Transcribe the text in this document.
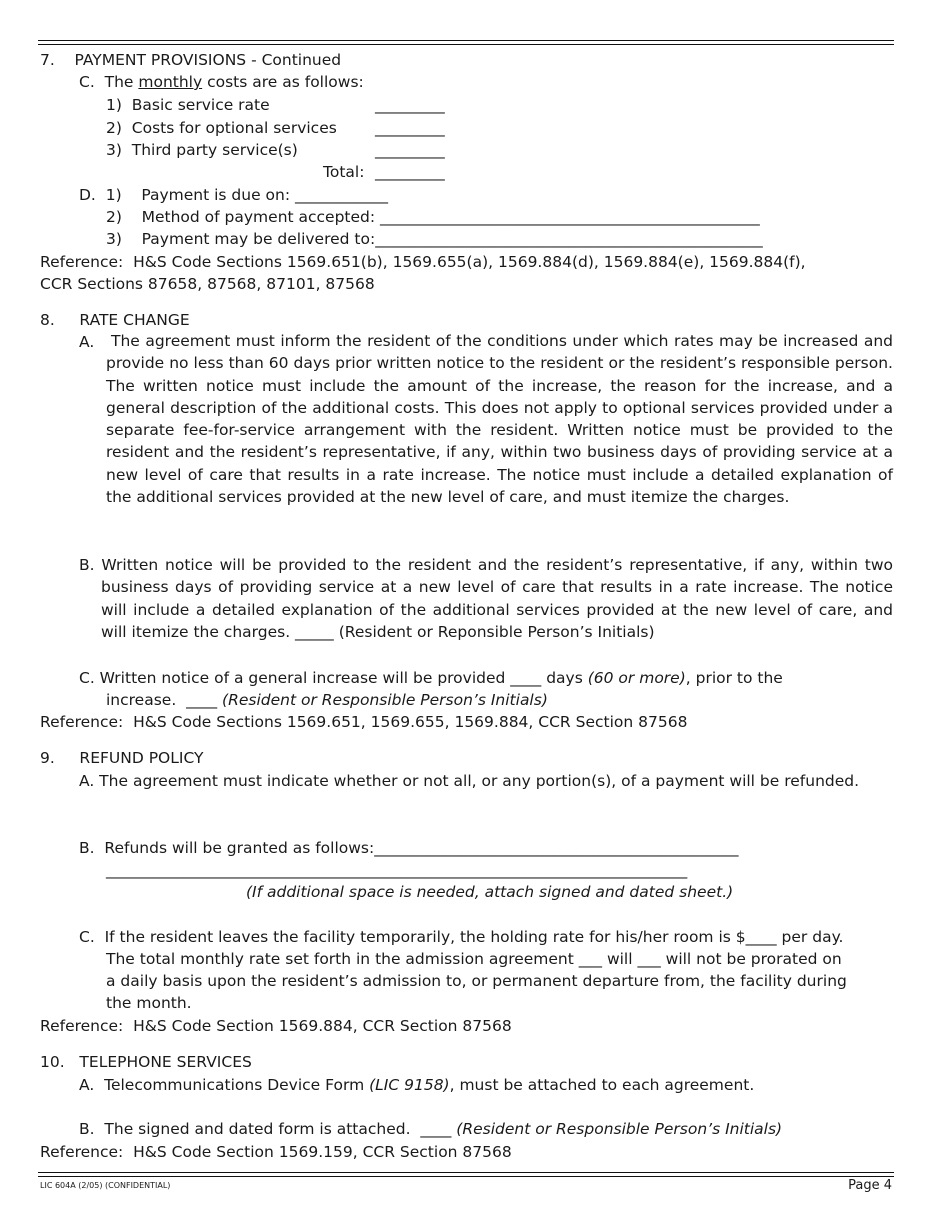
7.    PAYMENT PROVISIONS - Continued
C.  The monthly costs are as follows:
1)  Basic service rate	_________
2)  Costs for optional services _________
3)  Third party service(s)	_________
Total: _________
D.  1)    Payment is due on: ____________
2)    Method of payment accepted: _________________________________________________
3)    Payment may be delivered to:__________________________________________________
Reference:  H&S Code Sections 1569.651(b), 1569.655(a), 1569.884(d), 1569.884(e), 1569.884(f),
CCR Sections 87658, 87568, 87101, 87568
8.     RATE CHANGE
A.	The agreement must inform the resident of the conditions under which rates may be increased and provide no less than 60 days prior written notice to the resident or the resident’s responsible person. The written notice must include the amount of the increase, the reason for the increase, and a general description of the additional costs. This does not apply to optional services provided under a separate fee-for-service arrangement with the resident. Written notice must be provided to the resident and the resident’s representative, if any, within two business days of providing service at a new level of care that results in a rate increase. The notice must include a detailed explanation of the additional services provided at the new level of care, and must itemize the charges.
B. Written notice will be provided to the resident and the resident’s representative, if any, within two business days of providing service at a new level of care that results in a rate increase. The notice will include a detailed explanation of the additional services provided at the new level of care, and will itemize the charges. _____ (Resident or Reponsible Person’s Initials)
C. Written notice of a general increase will be provided ____ days (60 or more), prior to the
increase.  ____ (Resident or Responsible Person’s Initials)
Reference:  H&S Code Sections 1569.651, 1569.655, 1569.884, CCR Section 87568
9.     REFUND POLICY
A. The agreement must indicate whether or not all, or any portion(s), of a payment will be refunded.
B.  Refunds will be granted as follows:_______________________________________________
___________________________________________________________________________
(If additional space is needed, attach signed and dated sheet.)
C.  If the resident leaves the facility temporarily, the holding rate for his/her room is $____ per day.
The total monthly rate set forth in the admission agreement ___ will ___ will not be prorated on
a daily basis upon the resident’s admission to, or permanent departure from, the facility during
the month.
Reference:  H&S Code Section 1569.884, CCR Section 87568
10.   TELEPHONE SERVICES
A.  Telecommunications Device Form (LIC 9158), must be attached to each agreement.
B.  The signed and dated form is attached.  ____ (Resident or Responsible Person’s Initials)
Reference:  H&S Code Section 1569.159, CCR Section 87568
LIC 604A (2/05) (CONFIDENTIAL)	Page 4
